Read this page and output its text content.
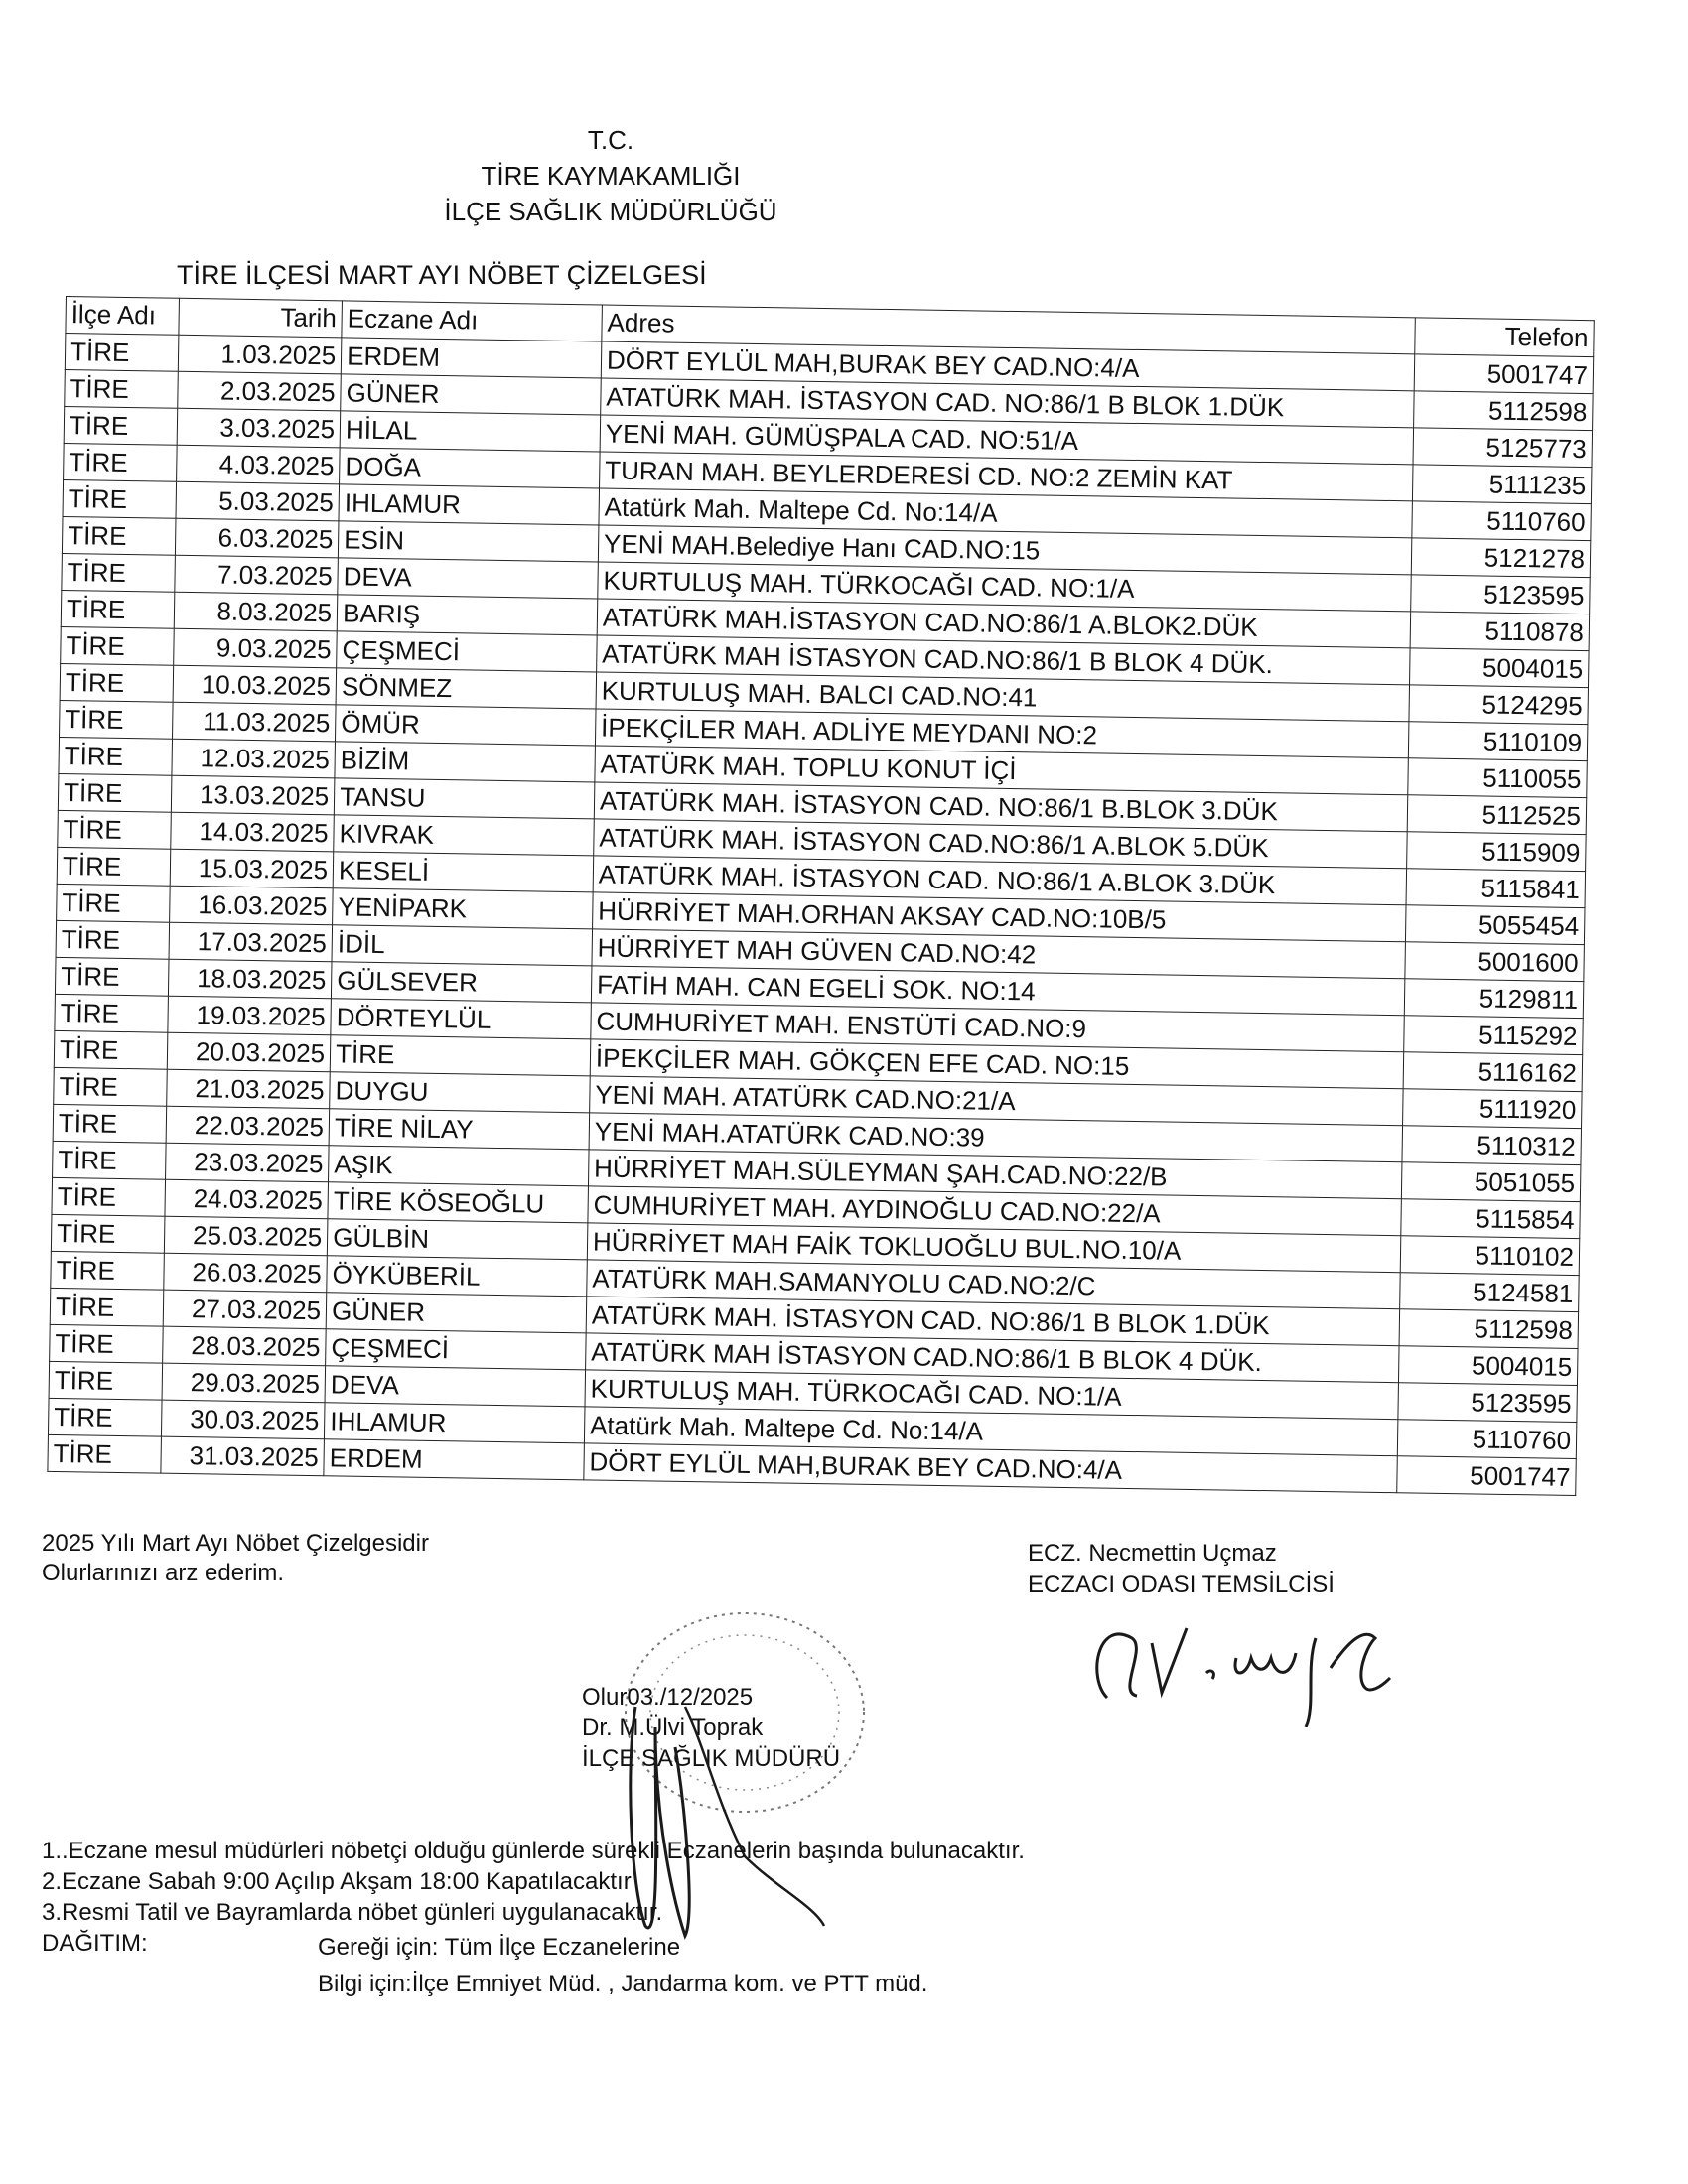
T.C.
TİRE KAYMAKAMLIĞI
İLÇE SAĞLIK MÜDÜRLÜĞÜ
TİRE İLÇESİ MART AYI NÖBET ÇİZELGESİ
İlçe Adı	Tarih	Eczane Adı	Adres	Telefon
TİRE	1.03.2025	ERDEM	DÖRT EYLÜL MAH,BURAK BEY CAD.NO:4/A	5001747
TİRE	2.03.2025	GÜNER	ATATÜRK MAH. İSTASYON CAD. NO:86/1 B BLOK 1.DÜK	5112598
TİRE	3.03.2025	HİLAL	YENİ MAH. GÜMÜŞPALA CAD. NO:51/A	5125773
TİRE	4.03.2025	DOĞA	TURAN MAH. BEYLERDERESİ CD. NO:2 ZEMİN KAT	5111235
TİRE	5.03.2025	IHLAMUR	Atatürk Mah. Maltepe Cd. No:14/A	5110760
TİRE	6.03.2025	ESİN	YENİ MAH.Belediye Hanı CAD.NO:15	5121278
TİRE	7.03.2025	DEVA	KURTULUŞ MAH. TÜRKOCAĞI CAD. NO:1/A	5123595
TİRE	8.03.2025	BARIŞ	ATATÜRK MAH.İSTASYON CAD.NO:86/1 A.BLOK2.DÜK	5110878
TİRE	9.03.2025	ÇEŞMECİ	ATATÜRK MAH İSTASYON CAD.NO:86/1 B BLOK 4 DÜK.	5004015
TİRE	10.03.2025	SÖNMEZ	KURTULUŞ MAH. BALCI CAD.NO:41	5124295
TİRE	11.03.2025	ÖMÜR	İPEKÇİLER MAH. ADLİYE MEYDANI NO:2	5110109
TİRE	12.03.2025	BİZİM	ATATÜRK MAH. TOPLU KONUT İÇİ	5110055
TİRE	13.03.2025	TANSU	ATATÜRK MAH. İSTASYON CAD. NO:86/1 B.BLOK 3.DÜK	5112525
TİRE	14.03.2025	KIVRAK	ATATÜRK MAH. İSTASYON CAD.NO:86/1 A.BLOK 5.DÜK	5115909
TİRE	15.03.2025	KESELİ	ATATÜRK MAH. İSTASYON CAD. NO:86/1 A.BLOK 3.DÜK	5115841
TİRE	16.03.2025	YENİPARK	HÜRRİYET MAH.ORHAN AKSAY CAD.NO:10B/5	5055454
TİRE	17.03.2025	İDİL	HÜRRİYET MAH GÜVEN CAD.NO:42	5001600
TİRE	18.03.2025	GÜLSEVER	FATİH MAH. CAN EGELİ SOK. NO:14	5129811
TİRE	19.03.2025	DÖRTEYLÜL	CUMHURİYET MAH. ENSTÜTİ CAD.NO:9	5115292
TİRE	20.03.2025	TİRE	İPEKÇİLER MAH. GÖKÇEN EFE CAD. NO:15	5116162
TİRE	21.03.2025	DUYGU	YENİ MAH. ATATÜRK CAD.NO:21/A	5111920
TİRE	22.03.2025	TİRE NİLAY	YENİ MAH.ATATÜRK CAD.NO:39	5110312
TİRE	23.03.2025	AŞIK	HÜRRİYET MAH.SÜLEYMAN ŞAH.CAD.NO:22/B	5051055
TİRE	24.03.2025	TİRE KÖSEOĞLU	CUMHURİYET MAH. AYDINOĞLU CAD.NO:22/A	5115854
TİRE	25.03.2025	GÜLBİN	HÜRRİYET MAH FAİK TOKLUOĞLU BUL.NO.10/A	5110102
TİRE	26.03.2025	ÖYKÜBERİL	ATATÜRK MAH.SAMANYOLU CAD.NO:2/C	5124581
TİRE	27.03.2025	GÜNER	ATATÜRK MAH. İSTASYON CAD. NO:86/1 B BLOK 1.DÜK	5112598
TİRE	28.03.2025	ÇEŞMECİ	ATATÜRK MAH İSTASYON CAD.NO:86/1 B BLOK 4 DÜK.	5004015
TİRE	29.03.2025	DEVA	KURTULUŞ MAH. TÜRKOCAĞI CAD. NO:1/A	5123595
TİRE	30.03.2025	IHLAMUR	Atatürk Mah. Maltepe Cd. No:14/A	5110760
TİRE	31.03.2025	ERDEM	DÖRT EYLÜL MAH,BURAK BEY CAD.NO:4/A	5001747
2025 Yılı Mart Ayı Nöbet Çizelgesidir
Olurlarınızı arz ederim.
ECZ. Necmettin Uçmaz
ECZACI ODASI TEMSİLCİSİ
Olur03./12/2025
Dr. M.Ülvi Toprak
İLÇE SAĞLIK MÜDÜRÜ
1..Eczane mesul müdürleri nöbetçi olduğu günlerde sürekli Eczanelerin başında bulunacaktır.
2.Eczane Sabah 9:00 Açılıp Akşam 18:00 Kapatılacaktır
3.Resmi Tatil ve Bayramlarda nöbet günleri uygulanacaktır.
DAĞITIM:	Gereği için: Tüm İlçe Eczanelerine
Bilgi için:İlçe Emniyet Müd. , Jandarma kom. ve PTT müd.
